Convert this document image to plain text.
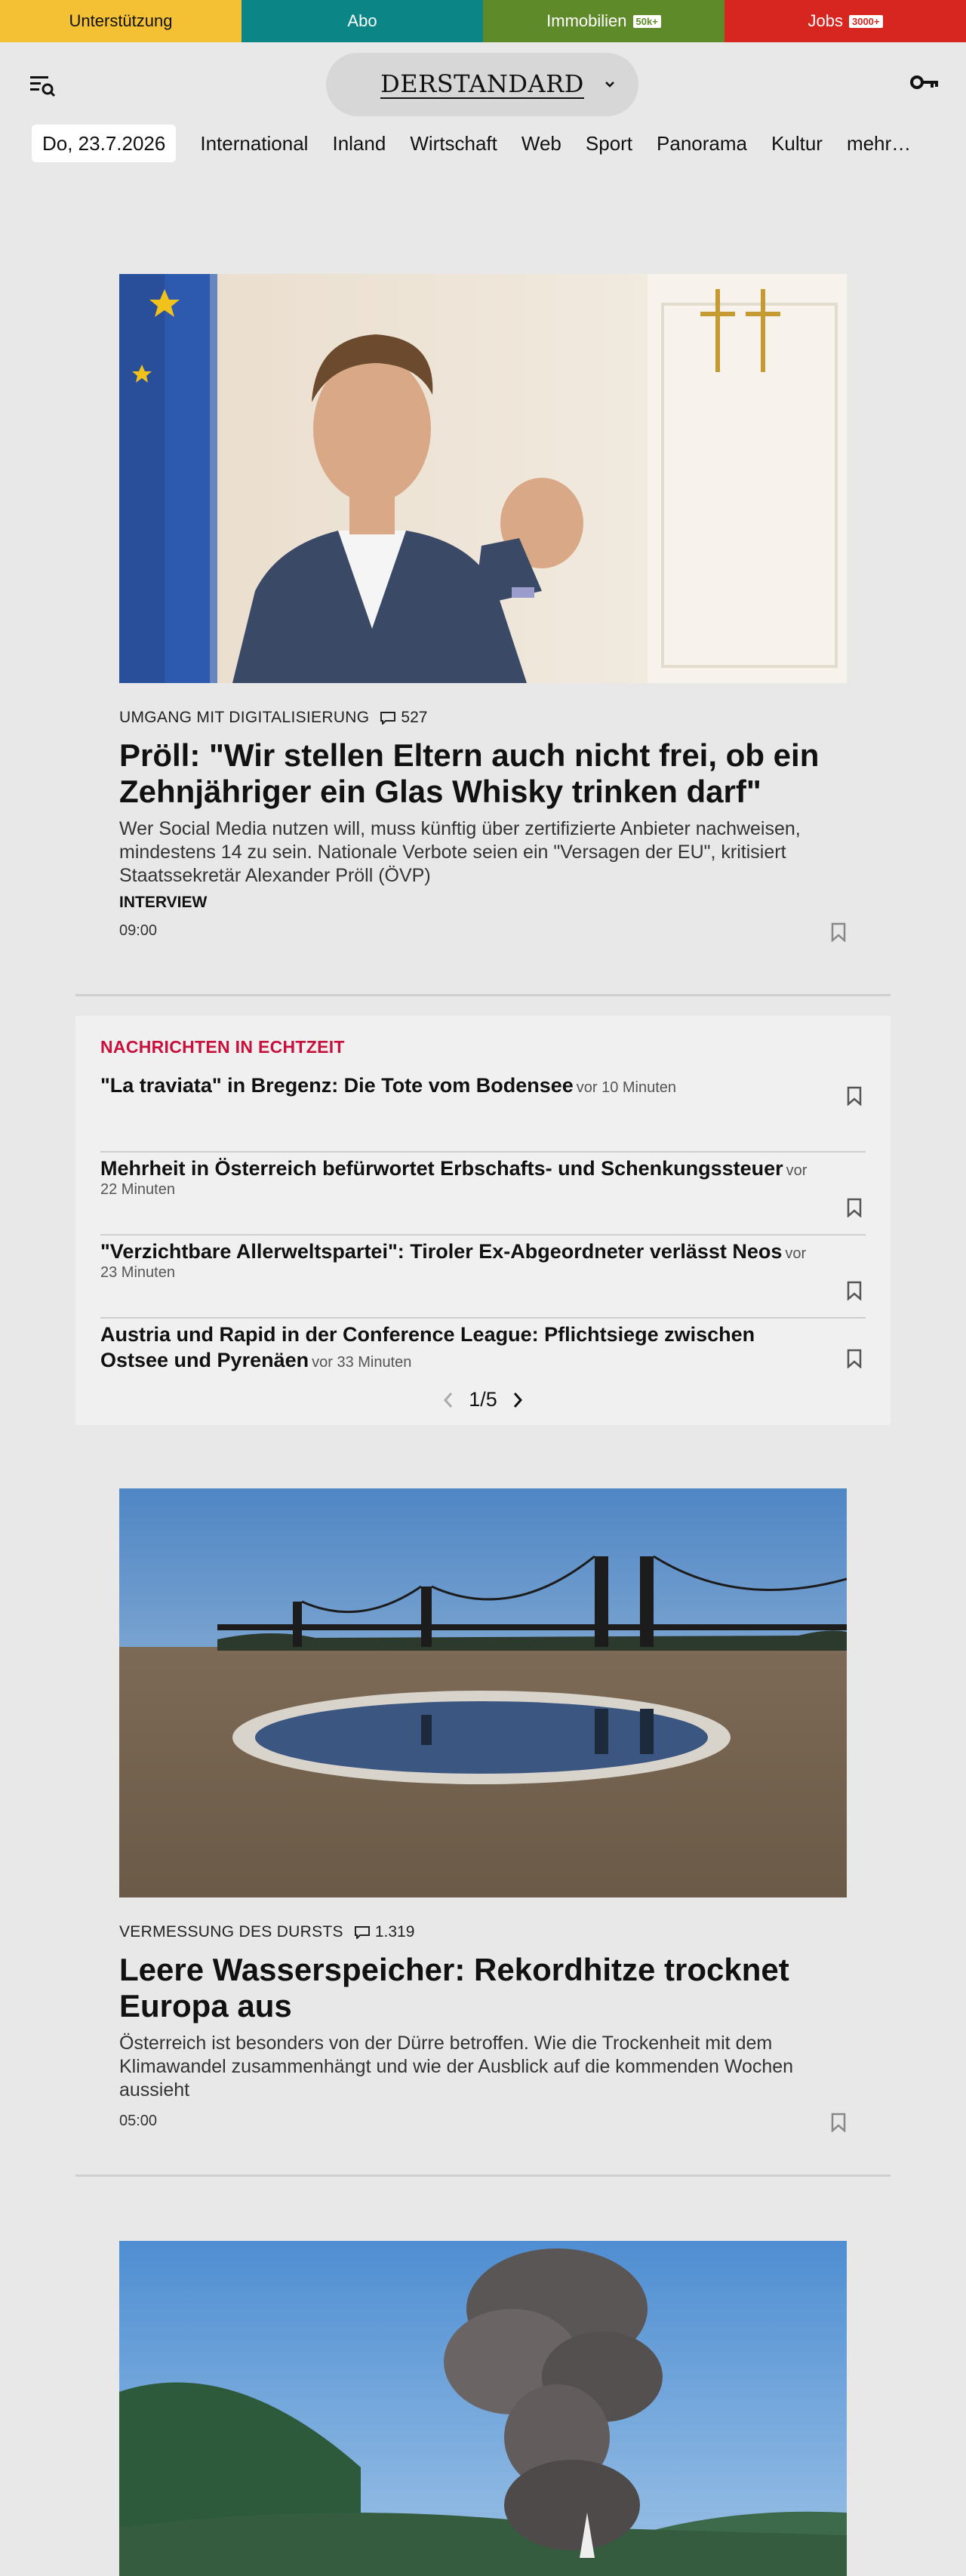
Unterstützung	Abo	Immobilien 50k+	Jobs 3000+
DERSTANDARD
Do, 23.7.2026	International Inland Wirtschaft Web Sport Panorama Kultur mehr…
UMGANG MIT DIGITALISIERUNG 527
Pröll: "Wir stellen Eltern auch nicht frei, ob ein Zehnjähriger ein Glas Whisky trinken darf"

Wer Social Media nutzen will, muss künftig über zertifizierte Anbieter nachweisen, mindestens 14 zu sein. Nationale Verbote seien ein "Versagen der EU", kritisiert Staatssekretär Alexander Pröll (ÖVP)

INTERVIEW
09:00
NACHRICHTEN IN ECHTZEIT
"La traviata" in Bregenz: Die Tote vom Bodensee vor 10 Minuten
Mehrheit in Österreich befürwortet Erbschafts- und Schenkungssteuer vor 22 Minuten
"Verzichtbare Allerweltspartei": Tiroler Ex-Abgeordneter verlässt Neos vor 23 Minuten
Austria und Rapid in der Conference League: Pflichtsiege zwischen Ostsee und Pyrenäen vor 33 Minuten
1/5
VERMESSUNG DES DURSTS 1.319
Leere Wasserspeicher: Rekordhitze trocknet Europa aus

Österreich ist besonders von der Dürre betroffen. Wie die Trockenheit mit dem Klimawandel zusammenhängt und wie der Ausblick auf die kommenden Wochen aussieht

05:00
